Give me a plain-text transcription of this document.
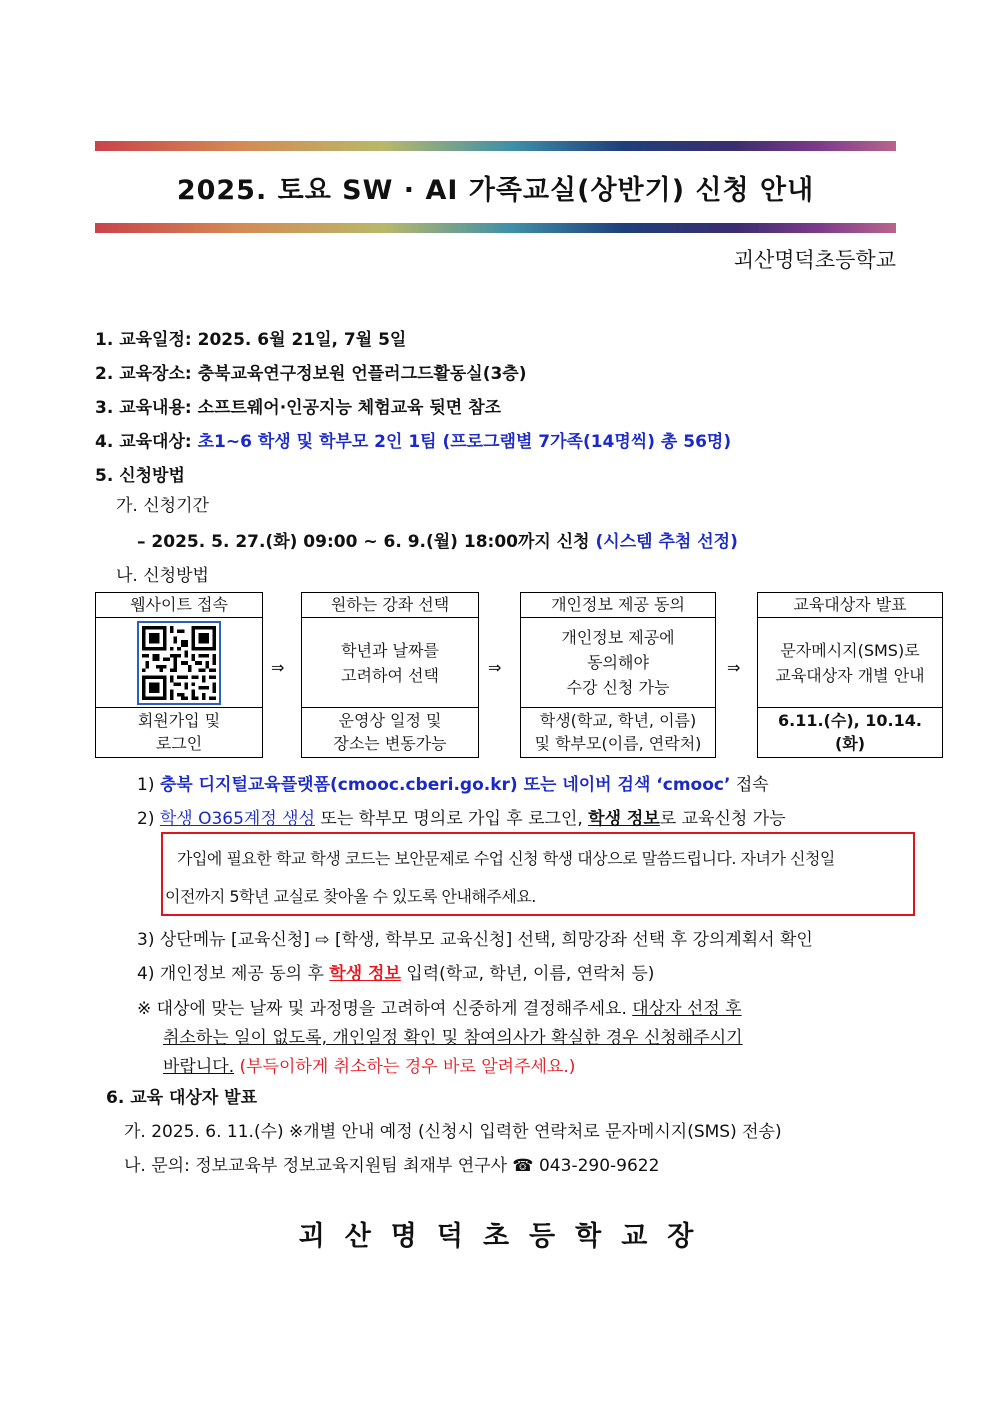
2025. 토요 SW · AI 가족교실(상반기) 신청 안내
괴산명덕초등학교
1. 교육일정: 2025. 6월 21일, 7월 5일
2. 교육장소: 충북교육연구정보원 언플러그드활동실(3층)
3. 교육내용: 소프트웨어·인공지능 체험교육 뒷면 참조
4. 교육대상: 초1~6 학생 및 학부모 2인 1팀 (프로그램별 7가족(14명씩) 총 56명)
5. 신청방법
가. 신청기간
– 2025. 5. 27.(화) 09:00 ~ 6. 9.(월) 18:00까지 신청 (시스템 추첨 선정)
나. 신청방법
웹사이트 접속
회원가입 및
로그인
⇒
원하는 강좌 선택
학년과 날짜를
고려하여 선택
운영상 일정 및
장소는 변동가능
⇒
개인정보 제공 동의
개인정보 제공에
동의해야
수강 신청 가능
학생(학교, 학년, 이름)
및 학부모(이름, 연락처)
⇒
교육대상자 발표
문자메시지(SMS)로
교육대상자 개별 안내
6.11.(수), 10.14.
(화)
1) 충북 디지털교육플랫폼(cmooc.cberi.go.kr) 또는 네이버 검색 ‘cmooc’ 접속
2) 학생 O365계정 생성 또는 학부모 명의로 가입 후 로그인, 학생 정보로 교육신청 가능
가입에 필요한 학교 학생 코드는 보안문제로 수업 신청 학생 대상으로 말씀드립니다. 자녀가 신청일
이전까지 5학년 교실로 찾아올 수 있도록 안내해주세요.
3) 상단메뉴 [교육신청] ⇨ [학생, 학부모 교육신청] 선택, 희망강좌 선택 후 강의계획서 확인
4) 개인정보 제공 동의 후 학생 정보 입력(학교, 학년, 이름, 연락처 등)
※ 대상에 맞는 날짜 및 과정명을 고려하여 신중하게 결정해주세요. 대상자 선정 후
취소하는 일이 없도록, 개인일정 확인 및 참여의사가 확실한 경우 신청해주시기
바랍니다. (부득이하게 취소하는 경우 바로 알려주세요.)
6. 교육 대상자 발표
가. 2025. 6. 11.(수) ※개별 안내 예정 (신청시 입력한 연락처로 문자메시지(SMS) 전송)
나. 문의: 정보교육부 정보교육지원팀 최재부 연구사 ☎ 043-290-9622
괴산명덕초등학교장
